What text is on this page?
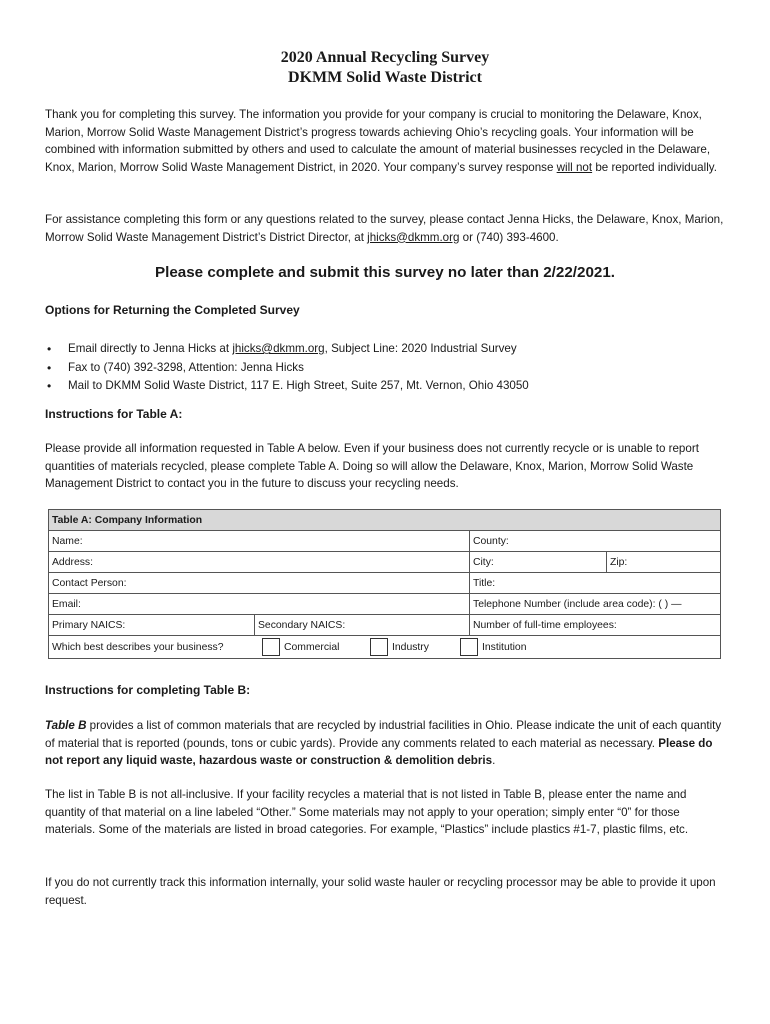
2020 Annual Recycling Survey
DKMM Solid Waste District

Thank you for completing this survey. The information you provide for your company is crucial to monitoring the Delaware, Knox, Marion, Morrow Solid Waste Management District’s progress towards achieving Ohio’s recycling goals. Your information will be combined with information submitted by others and used to calculate the amount of material businesses recycled in the Delaware, Knox, Marion, Morrow Solid Waste Management District, in 2020. Your company’s survey response will not be reported individually.

For assistance completing this form or any questions related to the survey, please contact Jenna Hicks, the Delaware, Knox, Marion, Morrow Solid Waste Management District’s District Director, at jhicks@dkmm.org or (740) 393-4600.

Please complete and submit this survey no later than 2/22/2021.

Options for Returning the Completed Survey

• Email directly to Jenna Hicks at jhicks@dkmm.org, Subject Line: 2020 Industrial Survey
• Fax to (740) 392-3298, Attention: Jenna Hicks
• Mail to DKMM Solid Waste District, 117 E. High Street, Suite 257, Mt. Vernon, Ohio 43050

Instructions for Table A:

Please provide all information requested in Table A below. Even if your business does not currently recycle or is unable to report quantities of materials recycled, please complete Table A. Doing so will allow the Delaware, Knox, Marion, Morrow Solid Waste Management District to contact you in the future to discuss your recycling needs.

Table A: Company Information			
Name:		County:	
Address:		City:	Zip:
Contact Person:		Title:	
Email:		Telephone Number (include area code): ( ) —	
Primary NAICS:	Secondary NAICS:	Number of full-time employees:	

Which best describes your business? Commercial Industry Institution			

Instructions for completing Table B:

Table B provides a list of common materials that are recycled by industrial facilities in Ohio. Please indicate the unit of each quantity of material that is reported (pounds, tons or cubic yards). Provide any comments related to each material as necessary. Please do not report any liquid waste, hazardous waste or construction & demolition debris.

The list in Table B is not all-inclusive. If your facility recycles a material that is not listed in Table B, please enter the name and quantity of that material on a line labeled “Other.” Some materials may not apply to your operation; simply enter “0” for those materials. Some of the materials are listed in broad categories. For example, “Plastics” include plastics #1-7, plastic films, etc.

If you do not currently track this information internally, your solid waste hauler or recycling processor may be able to provide it upon request.
